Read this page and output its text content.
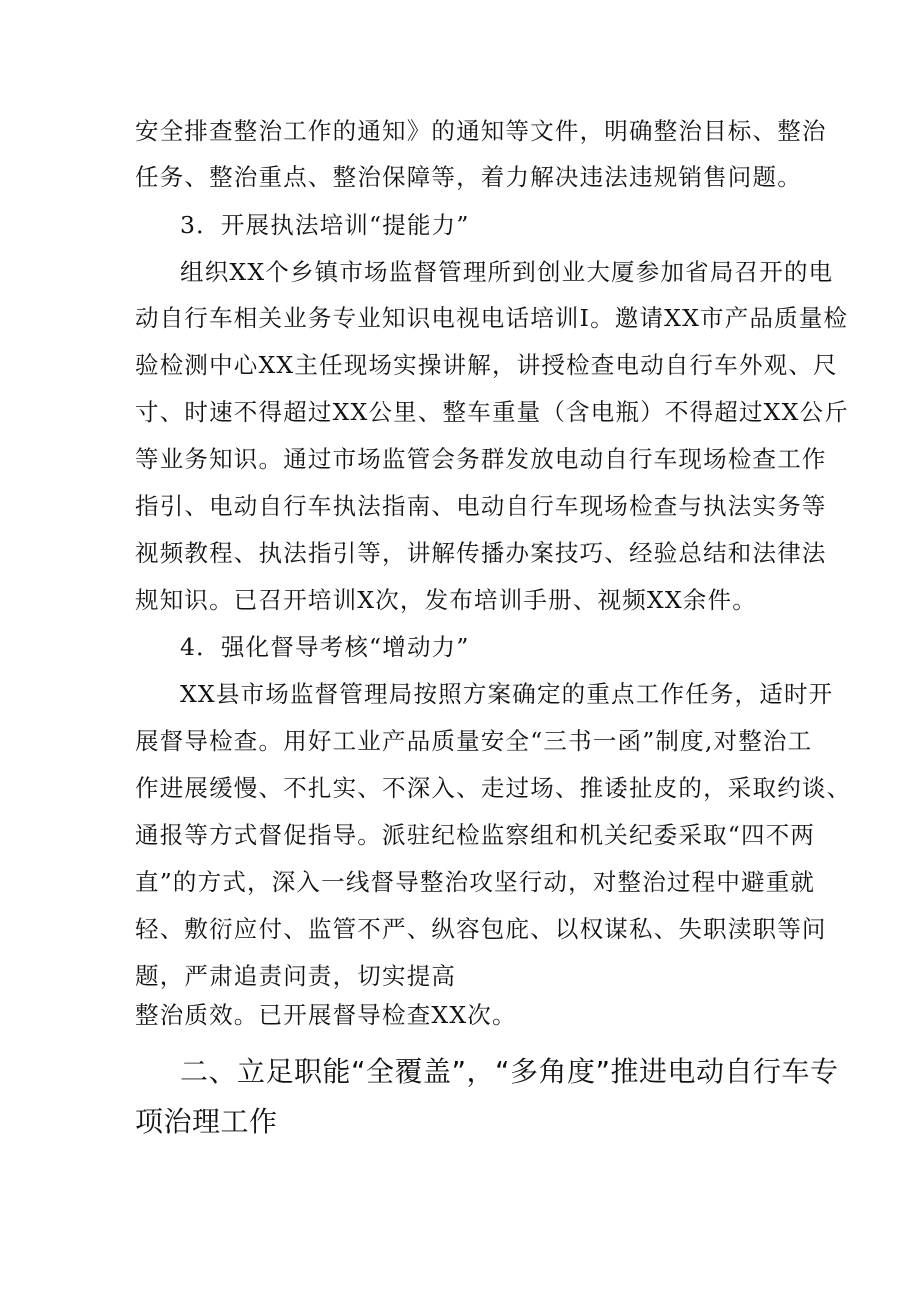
安全排查整治工作的通知》的通知等文件，明确整治目标、整治
任务、整治重点、整治保障等，着力解决违法违规销售问题。
3．开展执法培训“提能力”
组织XX个乡镇市场监督管理所到创业大厦参加省局召开的电
动自行车相关业务专业知识电视电话培训I。邀请XX市产品质量检
验检测中心XX主任现场实操讲解，讲授检查电动自行车外观、尺
寸、时速不得超过XX公里、整车重量（含电瓶）不得超过XX公斤
等业务知识。通过市场监管会务群发放电动自行车现场检查工作
指引、电动自行车执法指南、电动自行车现场检查与执法实务等
视频教程、执法指引等，讲解传播办案技巧、经验总结和法律法
规知识。已召开培训X次，发布培训手册、视频XX余件。
4．强化督导考核“增动力”
XX县市场监督管理局按照方案确定的重点工作任务，适时开
展督导检查。用好工业产品质量安全“三书一函”制度,对整治工
作进展缓慢、不扎实、不深入、走过场、推诿扯皮的，采取约谈、
通报等方式督促指导。派驻纪检监察组和机关纪委采取“四不两
直”的方式，深入一线督导整治攻坚行动，对整治过程中避重就
轻、敷衍应付、监管不严、纵容包庇、以权谋私、失职渎职等问
题，严肃追责问责，切实提高
整治质效。已开展督导检查XX次。
二、立足职能“全覆盖”，“多角度”推进电动自行车专
项治理工作
